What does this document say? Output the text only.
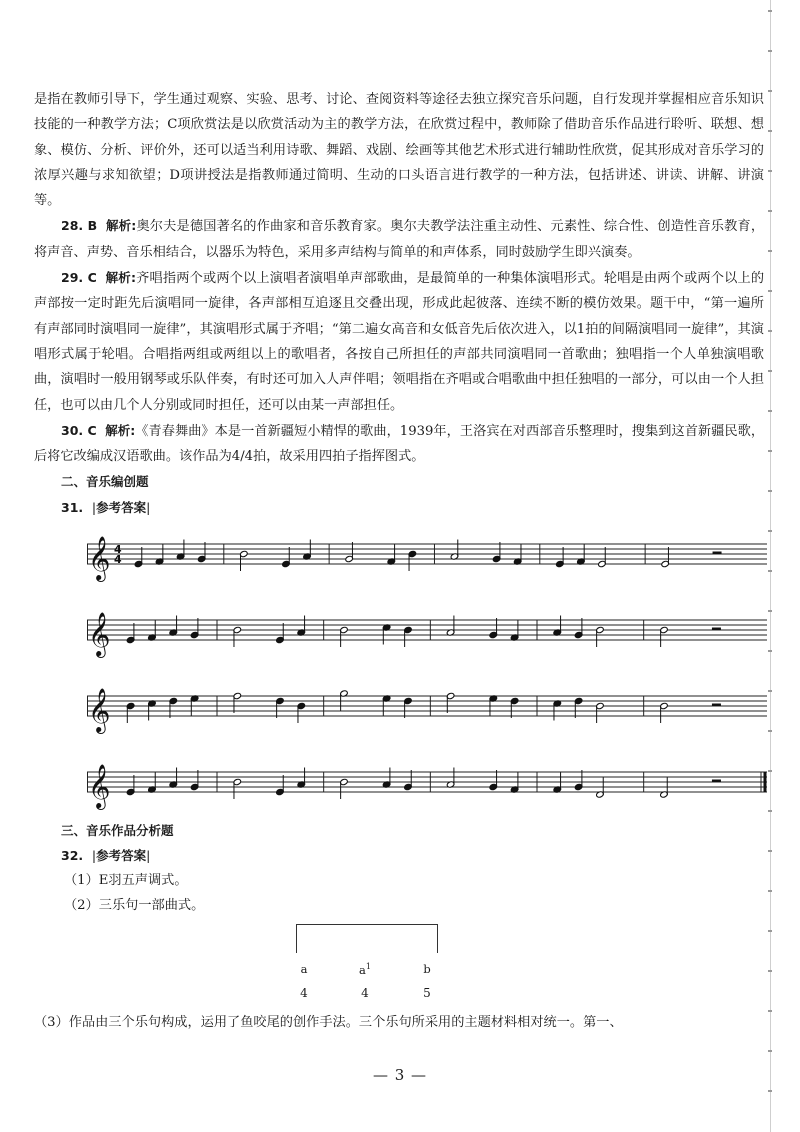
是指在教师引导下，学生通过观察、实验、思考、讨论、查阅资料等途径去独立探究音乐问题，自行发现并掌握相应音乐知识技能的一种教学方法；C项欣赏法是以欣赏活动为主的教学方法，在欣赏过程中，教师除了借助音乐作品进行聆听、联想、想象、模仿、分析、评价外，还可以适当利用诗歌、舞蹈、戏剧、绘画等其他艺术形式进行辅助性欣赏，促其形成对音乐学习的浓厚兴趣与求知欲望；D项讲授法是指教师通过简明、生动的口头语言进行教学的一种方法，包括讲述、讲读、讲解、讲演等。

28. B 解析:奥尔夫是德国著名的作曲家和音乐教育家。奥尔夫教学法注重主动性、元素性、综合性、创造性音乐教育，将声音、声势、音乐相结合，以器乐为特色，采用多声结构与简单的和声体系，同时鼓励学生即兴演奏。

29. C 解析:齐唱指两个或两个以上演唱者演唱单声部歌曲，是最简单的一种集体演唱形式。轮唱是由两个或两个以上的声部按一定时距先后演唱同一旋律，各声部相互追逐且交叠出现，形成此起彼落、连续不断的模仿效果。题干中，“第一遍所有声部同时演唱同一旋律”，其演唱形式属于齐唱；“第二遍女高音和女低音先后依次进入，以1拍的间隔演唱同一旋律”，其演唱形式属于轮唱。合唱指两组或两组以上的歌唱者，各按自己所担任的声部共同演唱同一首歌曲；独唱指一个人单独演唱歌曲，演唱时一般用钢琴或乐队伴奏，有时还可加入人声伴唱；领唱指在齐唱或合唱歌曲中担任独唱的一部分，可以由一个人担任，也可以由几个人分别或同时担任，还可以由某一声部担任。

30. C 解析:《青春舞曲》本是一首新疆短小精悍的歌曲，1939年，王洛宾在对西部音乐整理时，搜集到这首新疆民歌，后将它改编成汉语歌曲。该作品为4/4拍，故采用四拍子指挥图式。

二、音乐编创题

31. |参考答案|

𝄞 4
4
𝄞
𝄞
𝄞

三、音乐作品分析题

32. |参考答案|

（1）E羽五声调式。

（2）三乐句一部曲式。

a	$a^1$	b
4	4	5

（3）作品由三个乐句构成，运用了鱼咬尾的创作手法。三个乐句所采用的主题材料相对统一。第一、

— 3 —
